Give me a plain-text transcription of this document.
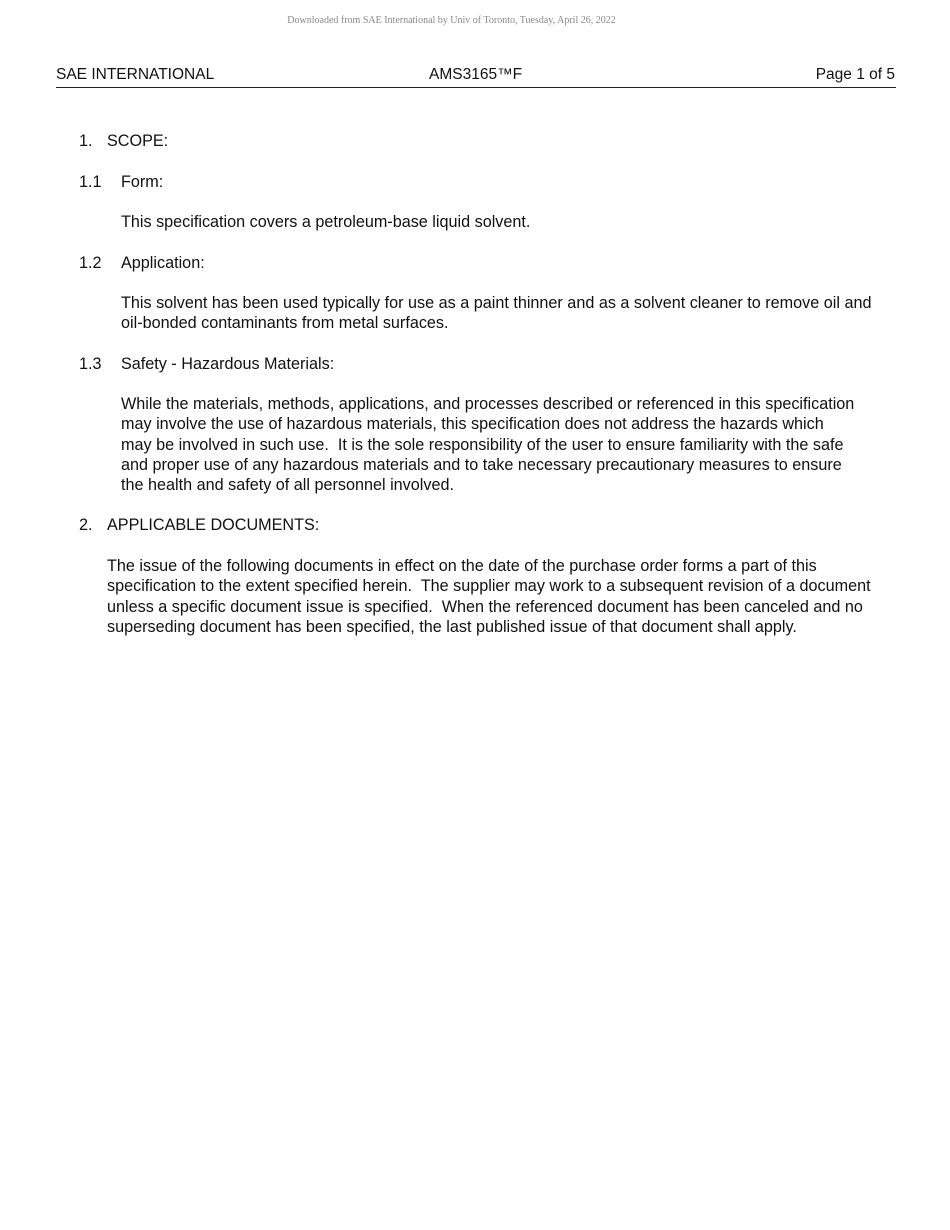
Downloaded from SAE International by Univ of Toronto, Tuesday, April 26, 2022
SAE INTERNATIONAL	AMS3165™F	Page 1 of 5
1. SCOPE:
1.1 Form:
This specification covers a petroleum-base liquid solvent.
1.2 Application:
This solvent has been used typically for use as a paint thinner and as a solvent cleaner to remove oil and oil-bonded contaminants from metal surfaces.
1.3 Safety - Hazardous Materials:
While the materials, methods, applications, and processes described or referenced in this specification may involve the use of hazardous materials, this specification does not address the hazards which may be involved in such use.  It is the sole responsibility of the user to ensure familiarity with the safe and proper use of any hazardous materials and to take necessary precautionary measures to ensure the health and safety of all personnel involved.
2. APPLICABLE DOCUMENTS:
The issue of the following documents in effect on the date of the purchase order forms a part of this specification to the extent specified herein.  The supplier may work to a subsequent revision of a document unless a specific document issue is specified.  When the referenced document has been canceled and no superseding document has been specified, the last published issue of that document shall apply.
